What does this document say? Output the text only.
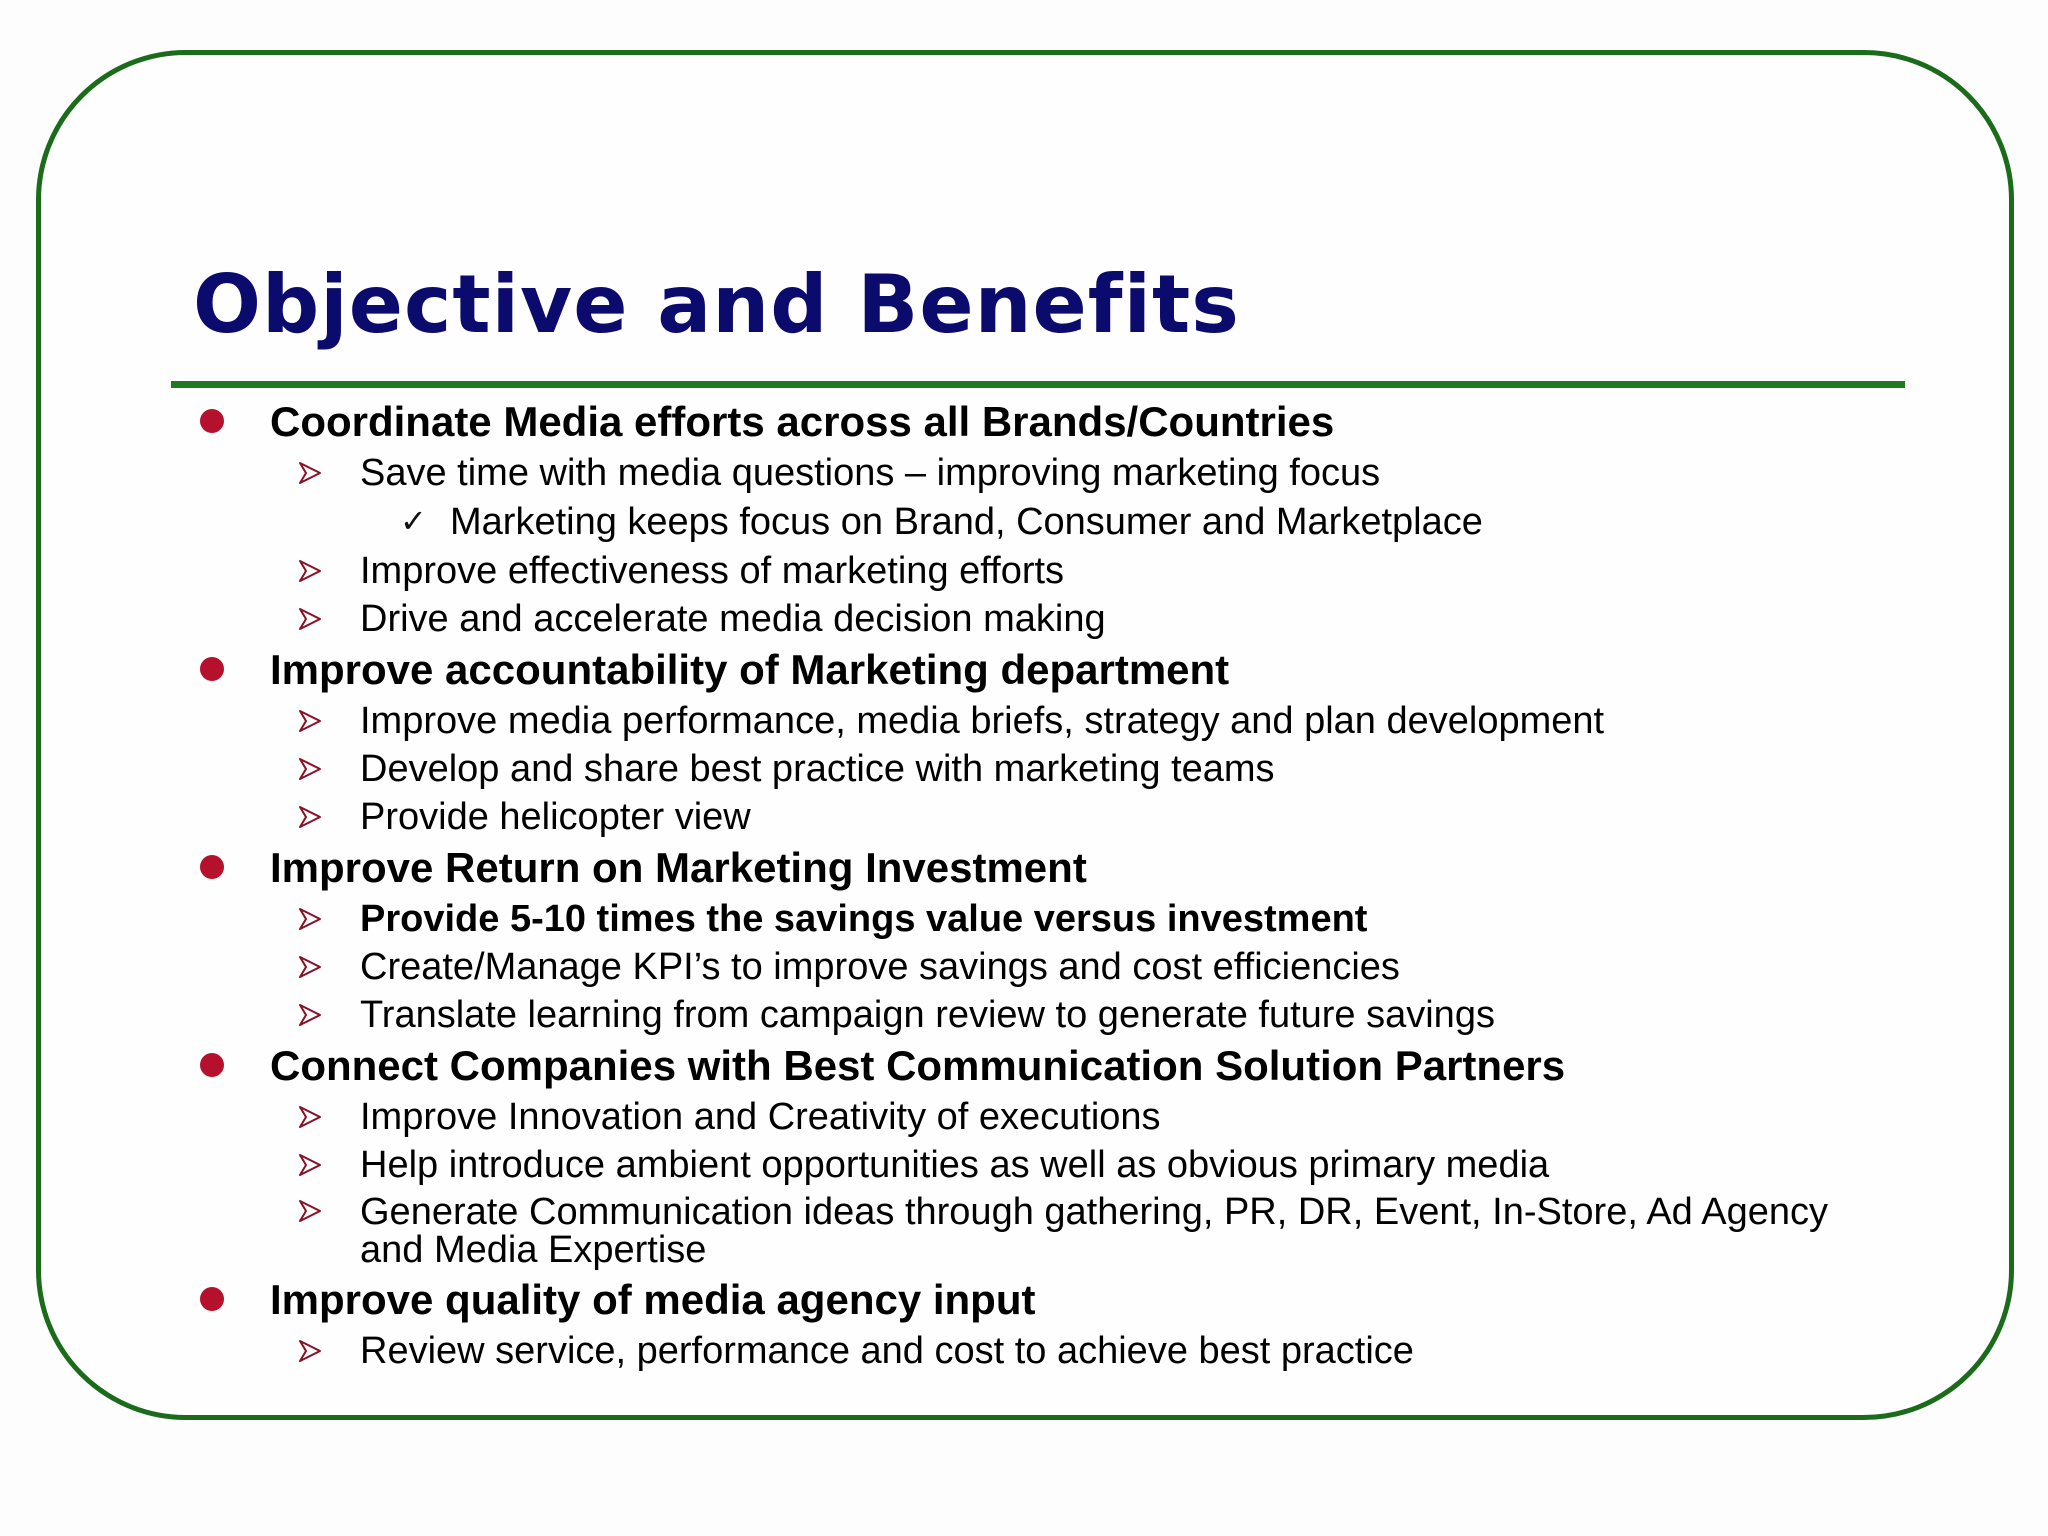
Objective and Benefits
Coordinate Media efforts across all Brands/Countries
Save time with media questions – improving marketing focus
✓ Marketing keeps focus on Brand, Consumer and Marketplace
Improve effectiveness of marketing efforts
Drive and accelerate media decision making
Improve accountability of Marketing department
Improve media performance, media briefs, strategy and plan development
Develop and share best practice with marketing teams
Provide helicopter view
Improve Return on Marketing Investment
Provide 5-10 times the savings value versus investment
Create/Manage KPI’s to improve savings and cost efficiencies
Translate learning from campaign review to generate future savings
Connect Companies with Best Communication Solution Partners
Improve Innovation and Creativity of executions
Help introduce ambient opportunities as well as obvious primary media
Generate Communication ideas through gathering, PR, DR, Event, In-Store, Ad Agency and Media Expertise
Improve quality of media agency input
Review service, performance and cost to achieve best practice
